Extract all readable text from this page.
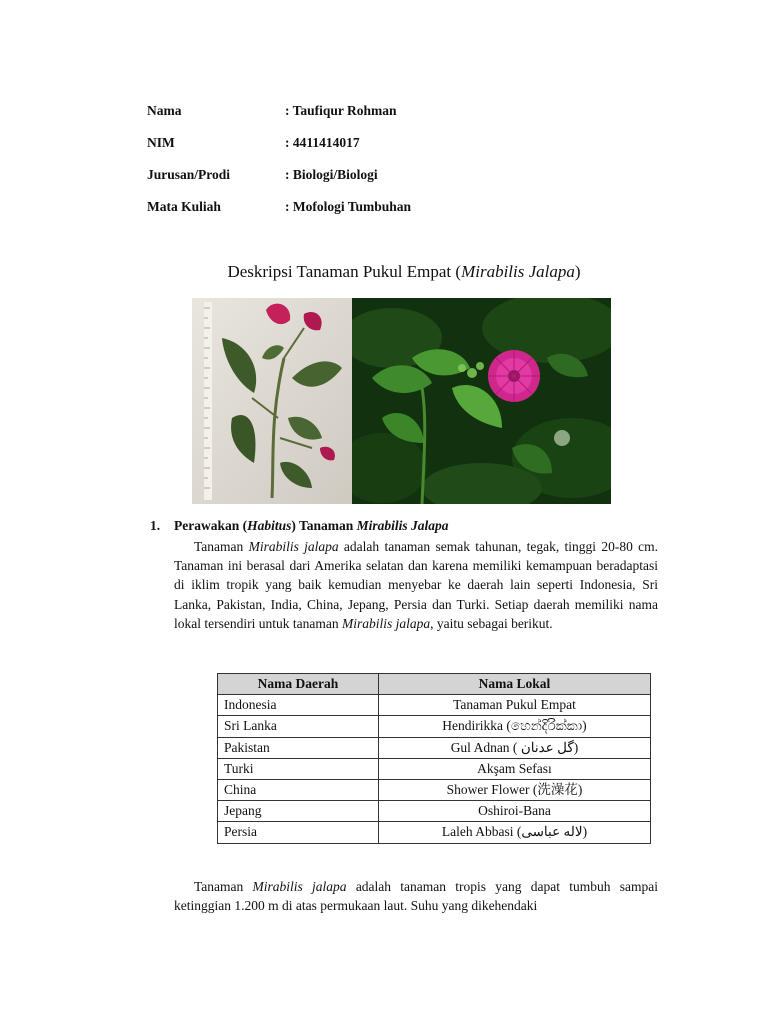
Nama	: Taufiqur Rohman
NIM	: 4411414017
Jurusan/Prodi	: Biologi/Biologi
Mata Kuliah	: Mofologi Tumbuhan
Deskripsi Tanaman Pukul Empat (Mirabilis Jalapa)
1. Perawakan (Habitus) Tanaman Mirabilis Jalapa
Tanaman Mirabilis jalapa adalah tanaman semak tahunan, tegak, tinggi 20-80 cm. Tanaman ini berasal dari Amerika selatan dan karena memiliki kemampuan beradaptasi di iklim tropik yang baik kemudian menyebar ke daerah lain seperti Indonesia, Sri Lanka, Pakistan, India, China, Jepang, Persia dan Turki. Setiap daerah memiliki nama lokal tersendiri untuk tanaman Mirabilis jalapa, yaitu sebagai berikut.
Nama Daerah	Nama Lokal
Indonesia	Tanaman Pukul Empat
Sri Lanka	Hendirikka (හෙන්දිරික්කා)
Pakistan	Gul Adnan ( گل عدنان)
Turki	Akşam Sefası
China	Shower Flower (洗澡花)
Jepang	Oshiroi-Bana
Persia	Laleh Abbasi (لاله عباسی)
Tanaman Mirabilis jalapa adalah tanaman tropis yang dapat tumbuh sampai ketinggian 1.200 m di atas permukaan laut. Suhu yang dikehendaki
